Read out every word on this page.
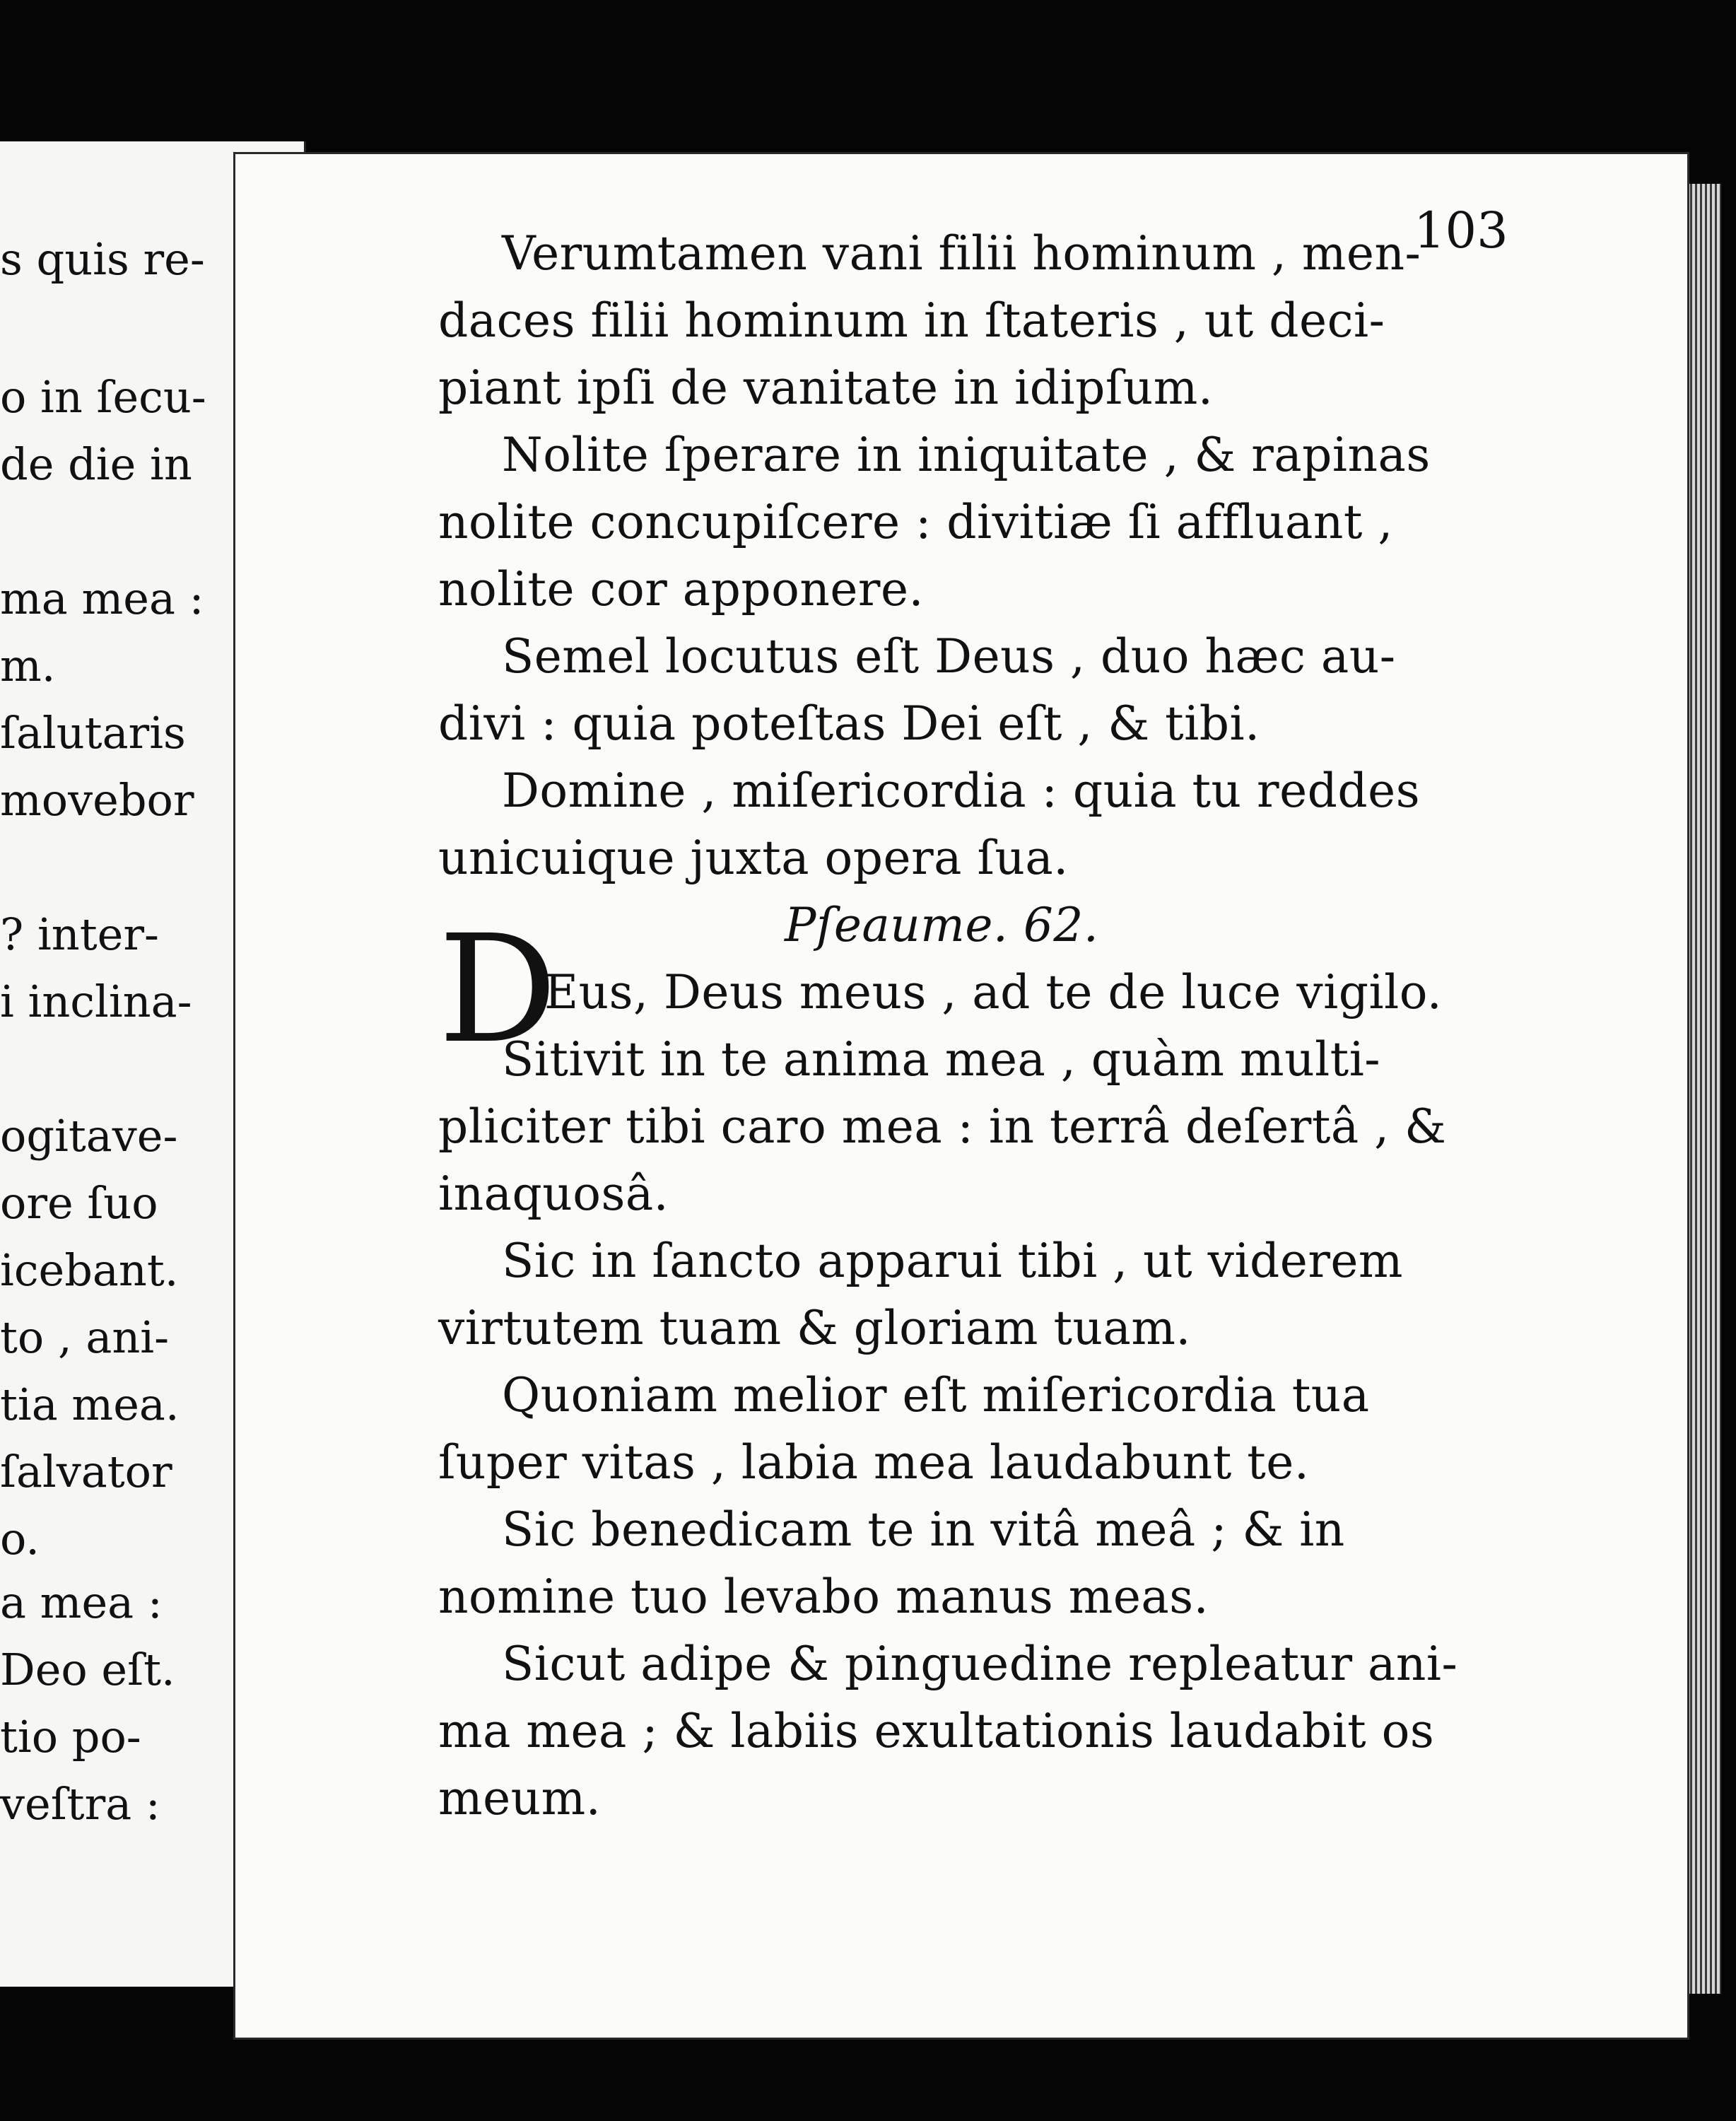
s quis re-
o in ſecu-
de die in
ma mea :
m.
ſalutaris
movebor
? inter-
i inclina-
ogitave-
ore ſuo
icebant.
to , ani-
tia mea.
ſalvator
o.
a mea :
Deo eſt.
tio po-
veſtra :
103
Verumtamen vani filii hominum , men-
daces filii hominum in ſtateris , ut deci-
piant ipſi de vanitate in idipſum.
Nolite ſperare in iniquitate , & rapinas
nolite concupiſcere : divitiæ ſi affluant ,
nolite cor apponere.
Semel locutus eſt Deus , duo hæc au-
divi : quia poteſtas Dei eſt , & tibi.
Domine , miſericordia : quia tu reddes
unicuique juxta opera ſua.
Pſeaume. 62.
D
Eus, Deus meus , ad te de luce vigilo.
Sitivit in te anima mea , quàm multi-
pliciter tibi caro mea : in terrâ deſertâ , &
inaquosâ.
Sic in ſancto apparui tibi , ut viderem
virtutem tuam & gloriam tuam.
Quoniam melior eſt miſericordia tua
ſuper vitas , labia mea laudabunt te.
Sic benedicam te in vitâ meâ ; & in
nomine tuo levabo manus meas.
Sicut adipe & pinguedine repleatur ani-
ma mea ; & labiis exultationis laudabit os
meum.
